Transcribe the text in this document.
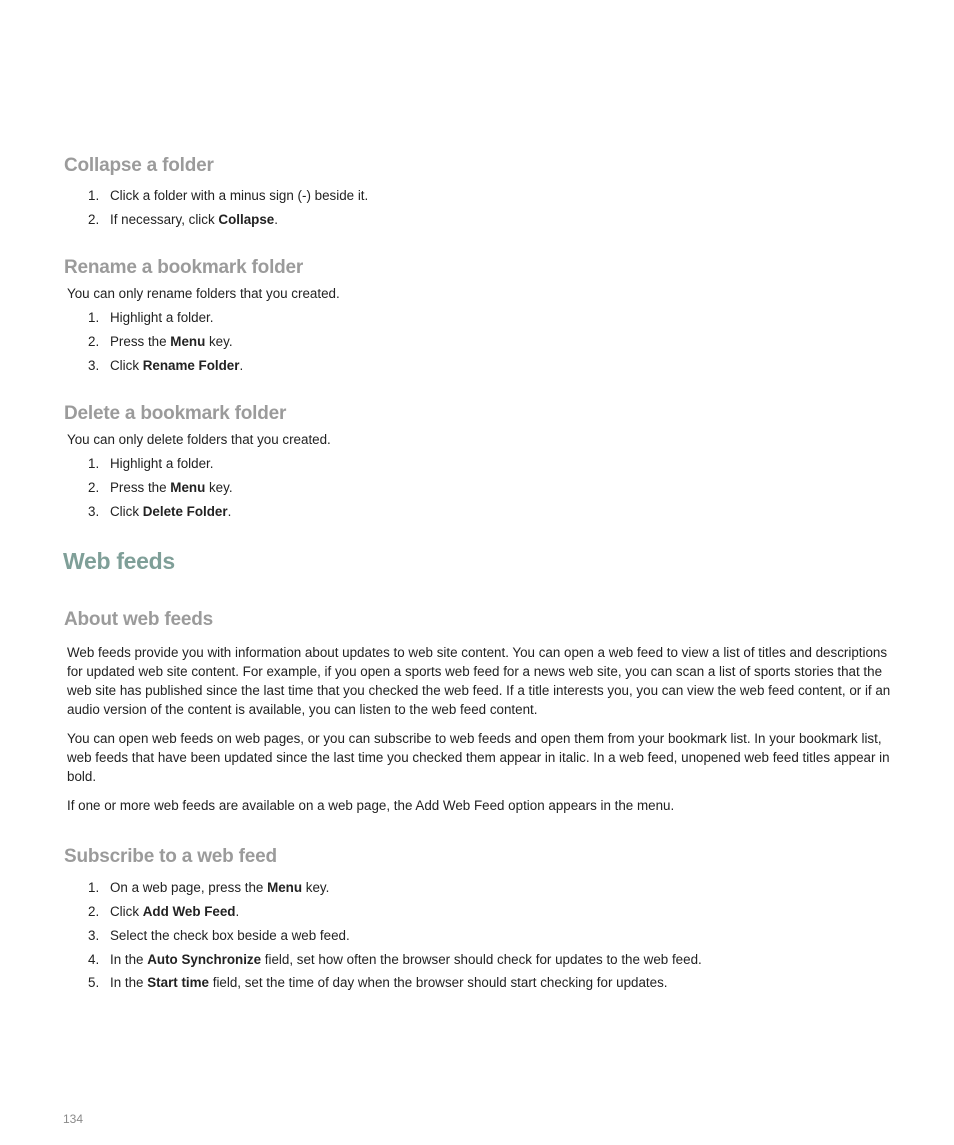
Collapse a folder
1. Click a folder with a minus sign (-) beside it.
2. If necessary, click Collapse.
Rename a bookmark folder

You can only rename folders that you created.

1. Highlight a folder.
2. Press the Menu key.
3. Click Rename Folder.
Delete a bookmark folder

You can only delete folders that you created.

1. Highlight a folder.
2. Press the Menu key.
3. Click Delete Folder.
Web feeds
About web feeds

Web feeds provide you with information about updates to web site content. You can open a web feed to view a list of titles and descriptions for updated web site content. For example, if you open a sports web feed for a news web site, you can scan a list of sports stories that the web site has published since the last time that you checked the web feed. If a title interests you, you can view the web feed content, or if an audio version of the content is available, you can listen to the web feed content.

You can open web feeds on web pages, or you can subscribe to web feeds and open them from your bookmark list. In your bookmark list, web feeds that have been updated since the last time you checked them appear in italic. In a web feed, unopened web feed titles appear in bold.

If one or more web feeds are available on a web page, the Add Web Feed option appears in the menu.

Subscribe to a web feed
1. On a web page, press the Menu key.
2. Click Add Web Feed.
3. Select the check box beside a web feed.
4. In the Auto Synchronize field, set how often the browser should check for updates to the web feed.
5. In the Start time field, set the time of day when the browser should start checking for updates.
134
